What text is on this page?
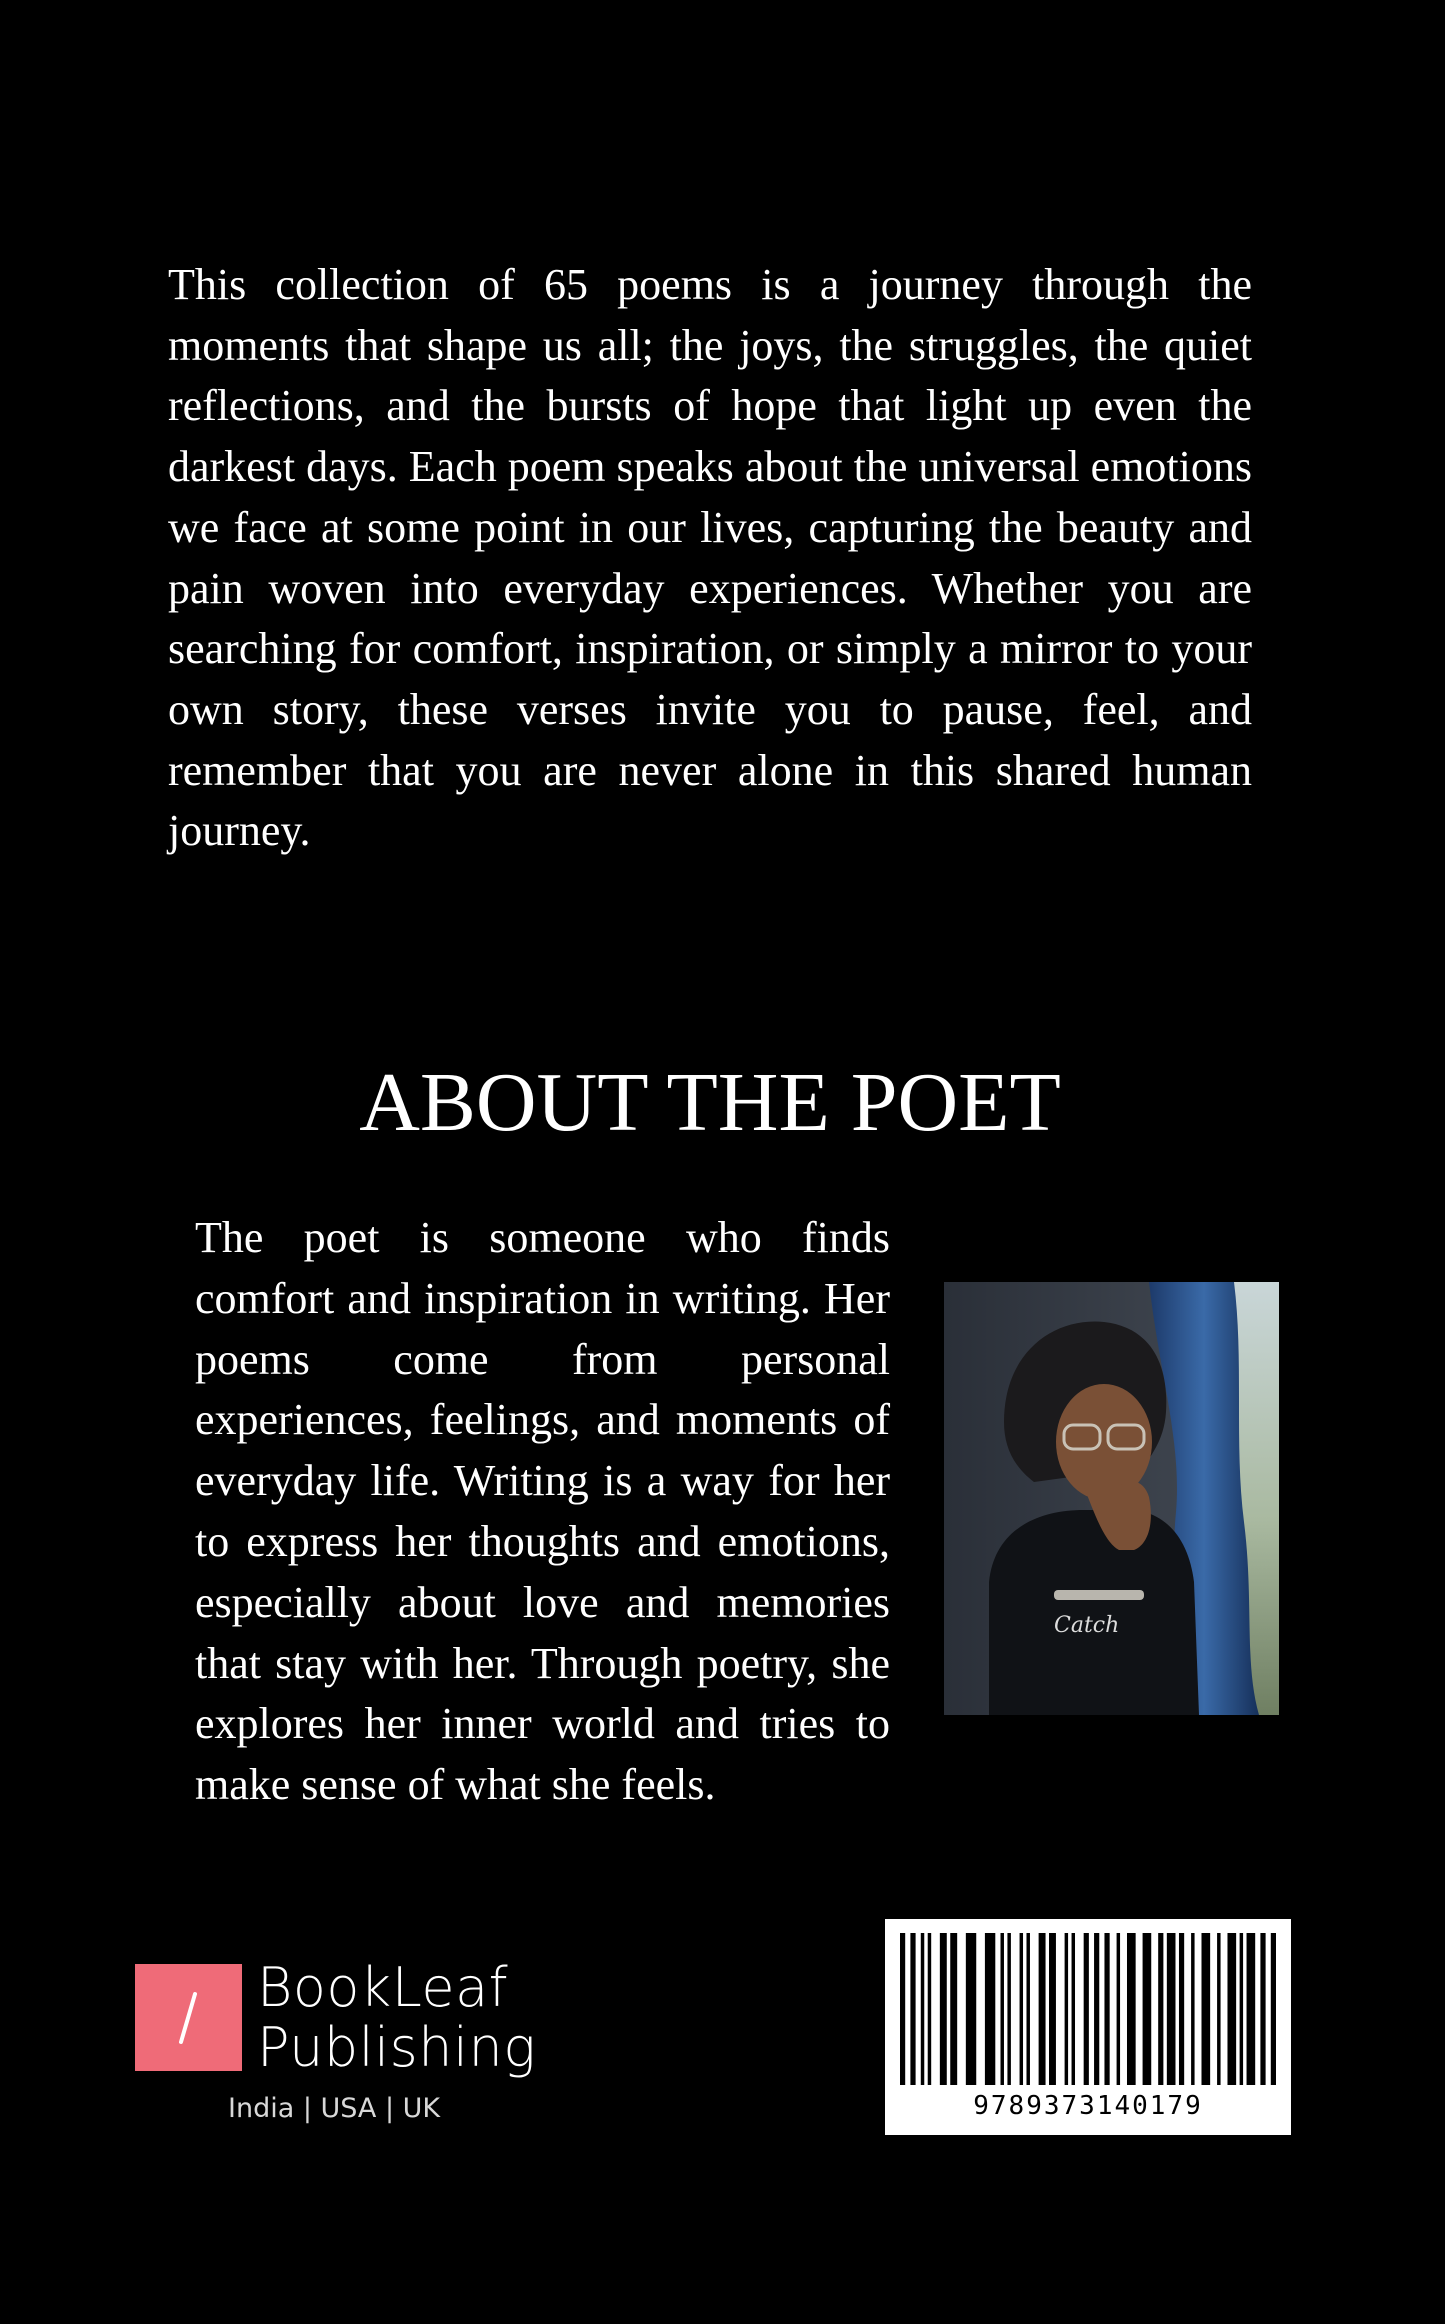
This collection of 65 poems is a journey through the moments that shape us all; the joys, the struggles, the quiet reflections, and the bursts of hope that light up even the darkest days. Each poem speaks about the universal emotions we face at some point in our lives, capturing the beauty and pain woven into everyday experiences. Whether you are searching for comfort, inspiration, or simply a mirror to your own story, these verses invite you to pause, feel, and remember that you are never alone in this shared human journey.

ABOUT THE POET

The poet is someone who finds comfort and inspiration in writing. Her poems come from personal experiences, feelings, and moments of everyday life. Writing is a way for her to express her thoughts and emotions, especially about love and memories that stay with her. Through poetry, she explores her inner world and tries to make sense of what she feels.

Catch
BookLeaf
Publishing
India | USA | UK	9789373140179
